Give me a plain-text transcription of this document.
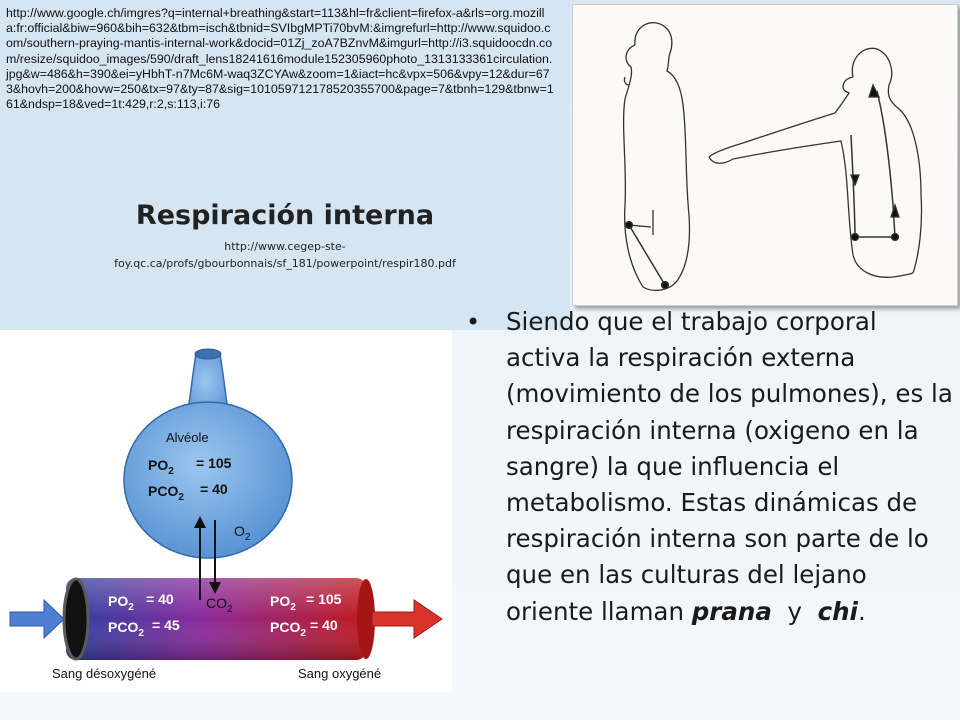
http://www.google.ch/imgres?q=internal+breathing&start=113&hl=fr&client=firefox-a&rls=org.mozilla:fr:official&biw=960&bih=632&tbm=isch&tbnid=SVIbgMPTi70bvM:&imgrefurl=http://www.squidoo.com/southern-praying-mantis-internal-work&docid=01Zj_zoA7BZnvM&imgurl=http://i3.squidoocdn.com/resize/squidoo_images/590/draft_lens18241616module152305960photo_1313133361circulation.jpg&w=486&h=390&ei=yHbhT-n7Mc6M-waq3ZCYAw&zoom=1&iact=hc&vpx=506&vpy=12&dur=673&hovh=200&hovw=250&tx=97&ty=87&sig=101059712178520355700&page=7&tbnh=129&tbnw=161&ndsp=18&ved=1t:429,r:2,s:113,i:76
Respiración interna
http://www.cegep-ste-
foy.qc.ca/profs/gbourbonnais/sf_181/powerpoint/respir180.pdf
Alvéole
$PO_2$
= 105
$PCO_2$
= 40
$O_2$
$CO_2$
$PO_2$
= 40
$PCO_2$
= 45
$PO_2$
= 105
$PCO_2$
= 40
Sang désoxygéné	Sang oxygéné
• Siendo que el trabajo corporal activa la respiración externa (movimiento de los pulmones), es la respiración interna (oxigeno en la sangre) la que influencia el metabolismo. Estas dinámicas de respiración interna son parte de lo que en las culturas del lejano oriente llaman prana  y  chi.
